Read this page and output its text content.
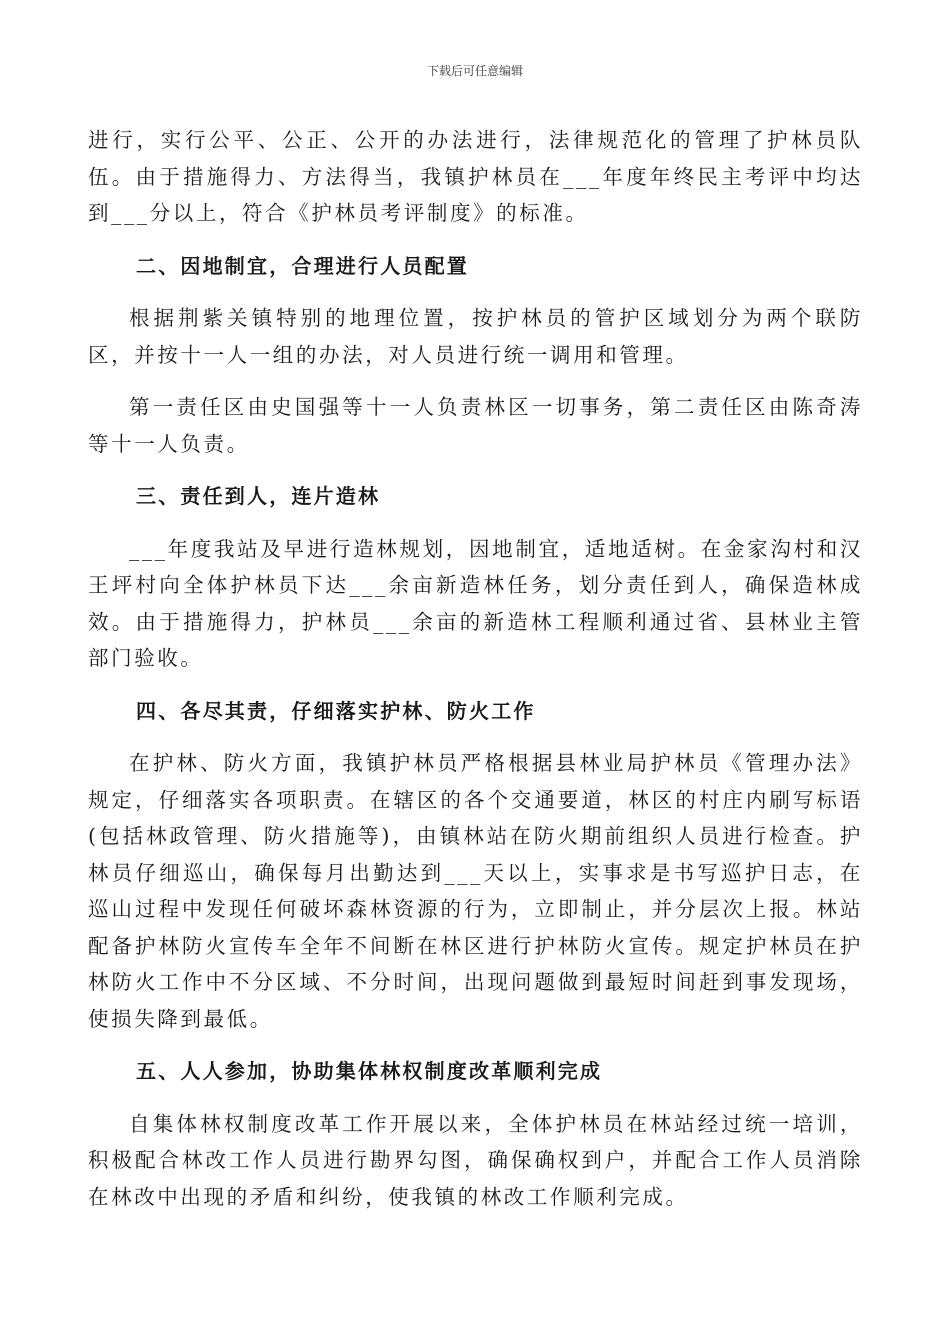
下载后可任意编辑

进行，实行公平、公正、公开的办法进行，法律规范化的管理了护林员队伍。由于措施得力、方法得当，我镇护林员在___年度年终民主考评中均达到___分以上，符合《护林员考评制度》的标准。

二、因地制宜，合理进行人员配置

根据荆紫关镇特别的地理位置，按护林员的管护区域划分为两个联防区，并按十一人一组的办法，对人员进行统一调用和管理。

第一责任区由史国强等十一人负责林区一切事务，第二责任区由陈奇涛等十一人负责。

三、责任到人，连片造林

___年度我站及早进行造林规划，因地制宜，适地适树。在金家沟村和汉王坪村向全体护林员下达___余亩新造林任务，划分责任到人，确保造林成效。由于措施得力，护林员___余亩的新造林工程顺利通过省、县林业主管部门验收。

四、各尽其责，仔细落实护林、防火工作

在护林、防火方面，我镇护林员严格根据县林业局护林员《管理办法》规定，仔细落实各项职责。在辖区的各个交通要道，林区的村庄内刷写标语(包括林政管理、防火措施等)，由镇林站在防火期前组织人员进行检查。护林员仔细巡山，确保每月出勤达到___天以上，实事求是书写巡护日志，在巡山过程中发现任何破坏森林资源的行为，立即制止，并分层次上报。林站配备护林防火宣传车全年不间断在林区进行护林防火宣传。规定护林员在护林防火工作中不分区域、不分时间，出现问题做到最短时间赶到事发现场，使损失降到最低。

五、人人参加，协助集体林权制度改革顺利完成

自集体林权制度改革工作开展以来，全体护林员在林站经过统一培训，积极配合林改工作人员进行勘界勾图，确保确权到户，并配合工作人员消除在林改中出现的矛盾和纠纷，使我镇的林改工作顺利完成。
